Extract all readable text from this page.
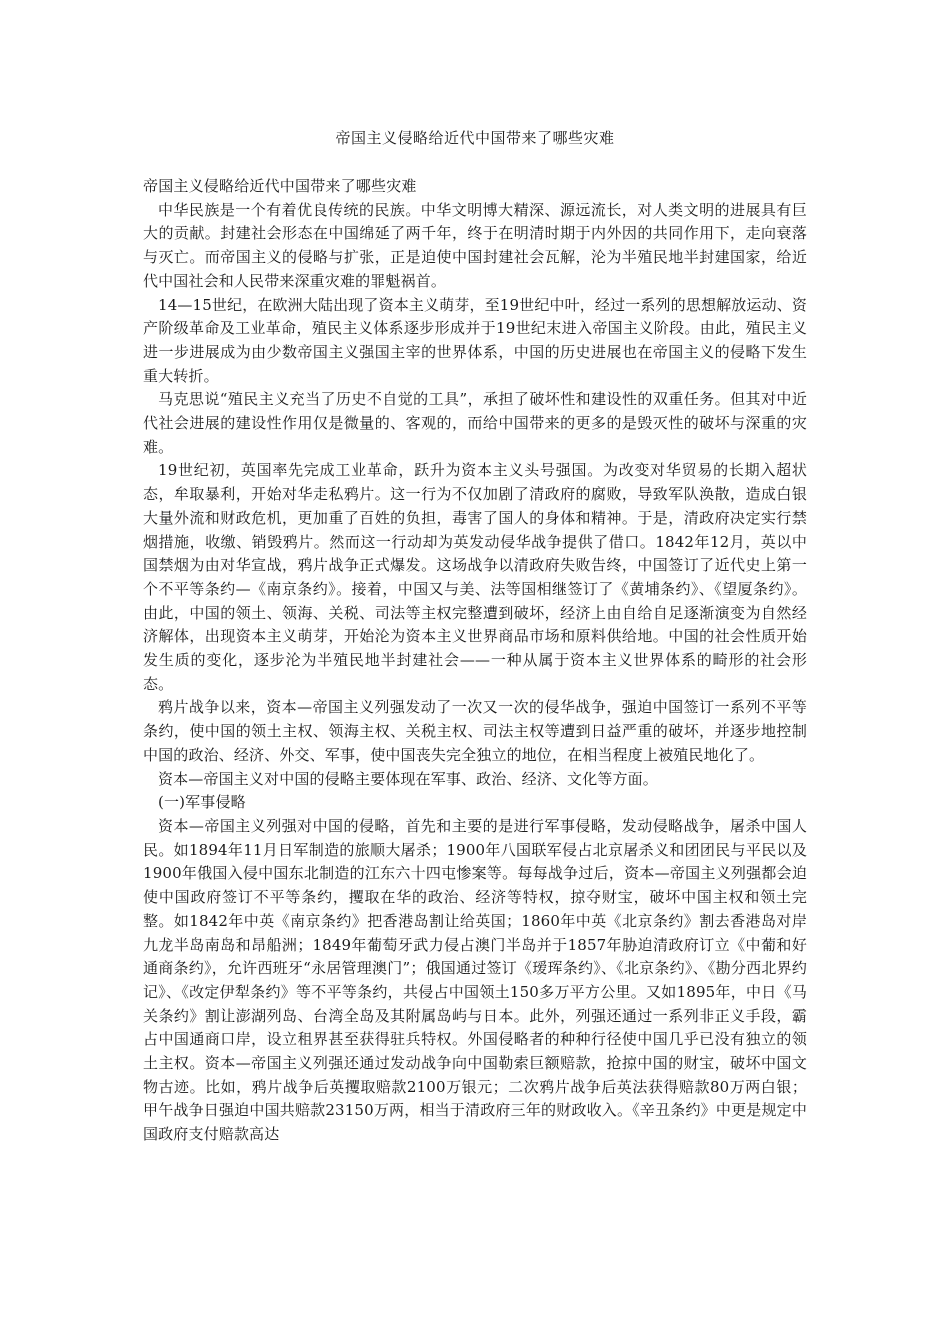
帝国主义侵略给近代中国带来了哪些灾难

帝国主义侵略给近代中国带来了哪些灾难

中华民族是一个有着优良传统的民族。中华文明博大精深、源远流长，对人类文明的进展具有巨大的贡献。封建社会形态在中国绵延了两千年，终于在明清时期于内外因的共同作用下，走向衰落与灭亡。而帝国主义的侵略与扩张，正是迫使中国封建社会瓦解，沦为半殖民地半封建国家，给近代中国社会和人民带来深重灾难的罪魁祸首。

14—15世纪，在欧洲大陆出现了资本主义萌芽，至19世纪中叶，经过一系列的思想解放运动、资产阶级革命及工业革命，殖民主义体系逐步形成并于19世纪末进入帝国主义阶段。由此，殖民主义进一步进展成为由少数帝国主义强国主宰的世界体系，中国的历史进展也在帝国主义的侵略下发生重大转折。

马克思说“殖民主义充当了历史不自觉的工具”，承担了破坏性和建设性的双重任务。但其对中近代社会进展的建设性作用仅是微量的、客观的，而给中国带来的更多的是毁灭性的破坏与深重的灾难。

19世纪初，英国率先完成工业革命，跃升为资本主义头号强国。为改变对华贸易的长期入超状态，牟取暴利，开始对华走私鸦片。这一行为不仅加剧了清政府的腐败，导致军队涣散，造成白银大量外流和财政危机，更加重了百姓的负担，毒害了国人的身体和精神。于是，清政府决定实行禁烟措施，收缴、销毁鸦片。然而这一行动却为英发动侵华战争提供了借口。1842年12月，英以中国禁烟为由对华宣战，鸦片战争正式爆发。这场战争以清政府失败告终，中国签订了近代史上第一个不平等条约—《南京条约》。接着，中国又与美、法等国相继签订了《黄埔条约》、《望厦条约》。由此，中国的领土、领海、关税、司法等主权完整遭到破坏，经济上由自给自足逐渐演变为自然经济解体，出现资本主义萌芽，开始沦为资本主义世界商品市场和原料供给地。中国的社会性质开始发生质的变化，逐步沦为半殖民地半封建社会——一种从属于资本主义世界体系的畸形的社会形态。

鸦片战争以来，资本—帝国主义列强发动了一次又一次的侵华战争，强迫中国签订一系列不平等条约，使中国的领土主权、领海主权、关税主权、司法主权等遭到日益严重的破坏，并逐步地控制中国的政治、经济、外交、军事，使中国丧失完全独立的地位，在相当程度上被殖民地化了。

资本—帝国主义对中国的侵略主要体现在军事、政治、经济、文化等方面。

(一)军事侵略

资本—帝国主义列强对中国的侵略，首先和主要的是进行军事侵略，发动侵略战争，屠杀中国人民。如1894年11月日军制造的旅顺大屠杀；1900年八国联军侵占北京屠杀义和团团民与平民以及1900年俄国入侵中国东北制造的江东六十四屯惨案等。每每战争过后，资本—帝国主义列强都会迫使中国政府签订不平等条约，攫取在华的政治、经济等特权，掠夺财宝，破坏中国主权和领土完整。如1842年中英《南京条约》把香港岛割让给英国；1860年中英《北京条约》割去香港岛对岸九龙半岛南岛和昂船洲；1849年葡萄牙武力侵占澳门半岛并于1857年胁迫清政府订立《中葡和好通商条约》，允许西班牙“永居管理澳门”；俄国通过签订《瑷珲条约》、《北京条约》、《勘分西北界约记》、《改定伊犁条约》等不平等条约，共侵占中国领土150多万平方公里。又如1895年，中日《马关条约》割让澎湖列岛、台湾全岛及其附属岛屿与日本。此外，列强还通过一系列非正义手段，霸占中国通商口岸，设立租界甚至获得驻兵特权。外国侵略者的种种行径使中国几乎已没有独立的领土主权。资本—帝国主义列强还通过发动战争向中国勒索巨额赔款，抢掠中国的财宝，破坏中国文物古迹。比如，鸦片战争后英攫取赔款2100万银元；二次鸦片战争后英法获得赔款80万两白银；甲午战争日强迫中国共赔款23150万两，相当于清政府三年的财政收入。《辛丑条约》中更是规定中国政府支付赔款高达
